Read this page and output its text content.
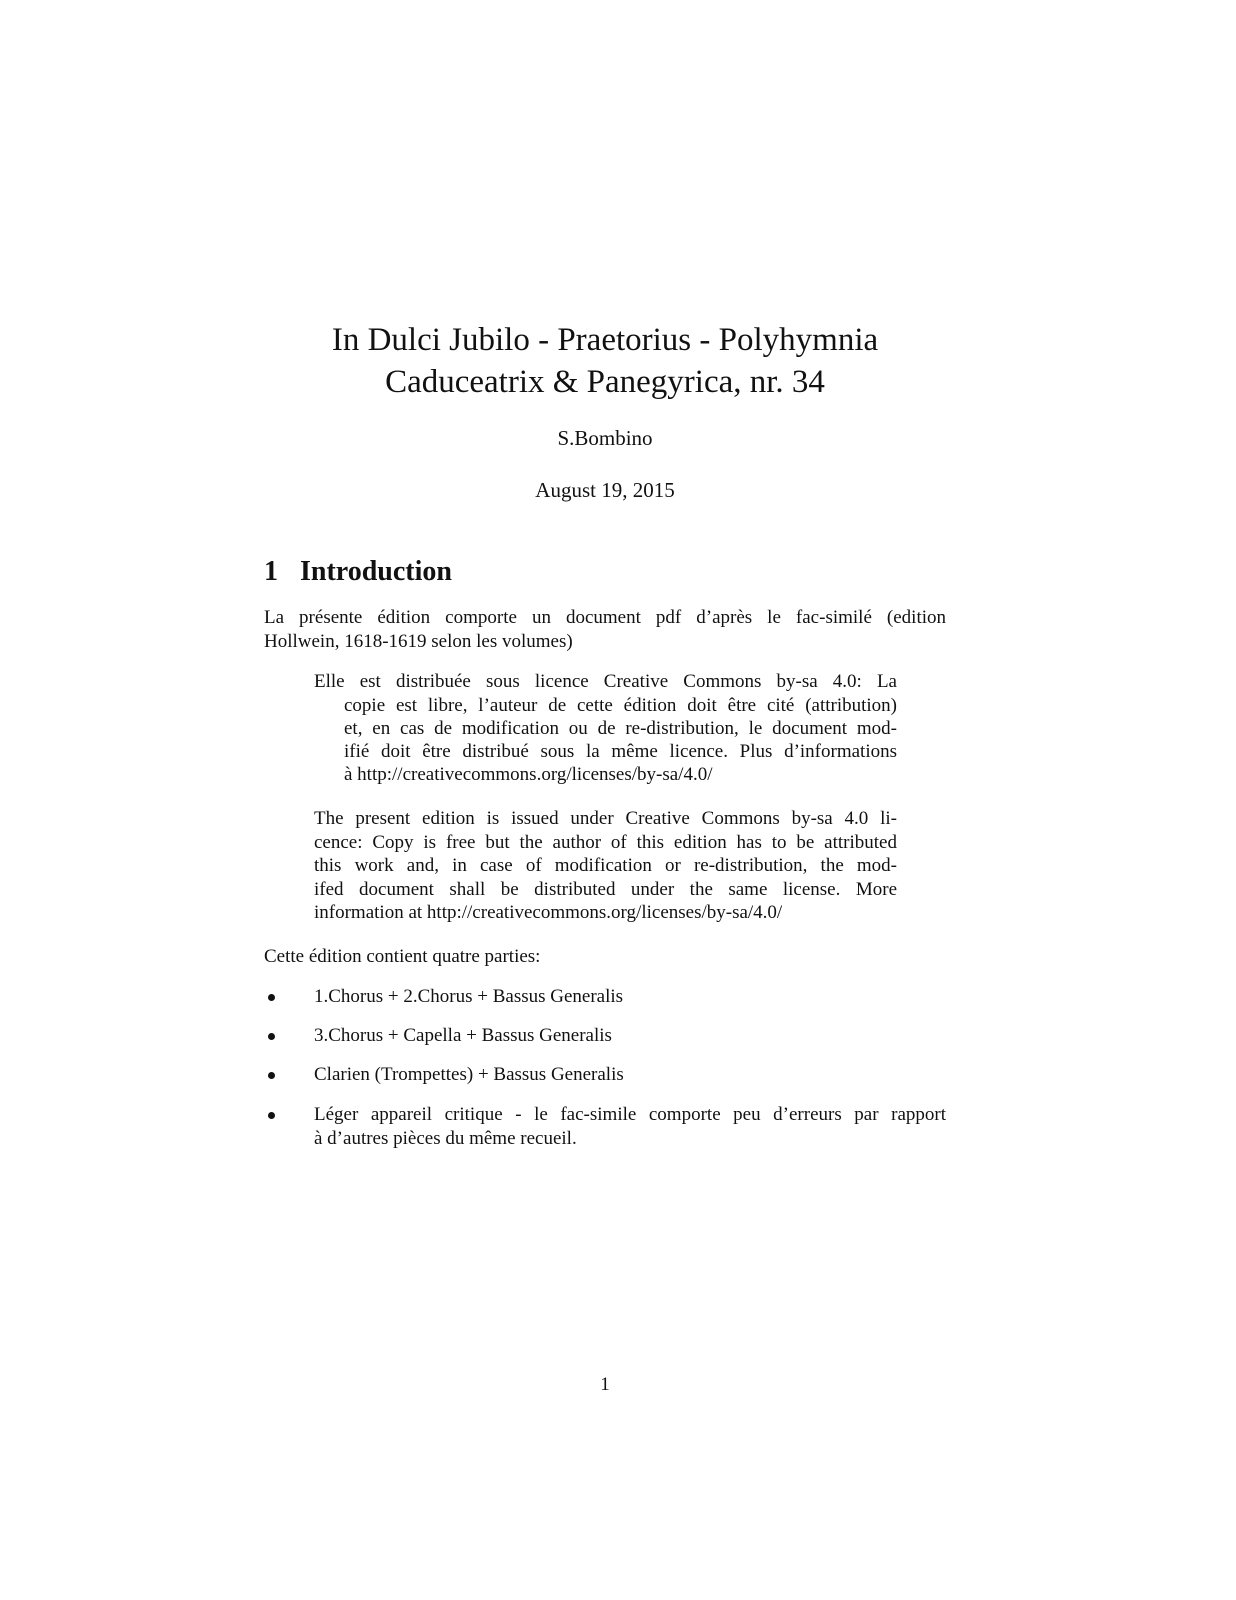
In Dulci Jubilo - Praetorius - Polyhymnia
Caduceatrix & Panegyrica, nr. 34
S.Bombino
August 19, 2015
1 Introduction
La présente édition comporte un document pdf d’après le fac-similé (edition
Hollwein, 1618-1619 selon les volumes)
Elle est distribuée sous licence Creative Commons by-sa 4.0: La
copie est libre, l’auteur de cette édition doit être cité (attribution)
et, en cas de modification ou de re-distribution, le document mod-
ifié doit être distribué sous la même licence. Plus d’informations
à http://creativecommons.org/licenses/by-sa/4.0/
The present edition is issued under Creative Commons by-sa 4.0 li-
cence: Copy is free but the author of this edition has to be attributed
this work and, in case of modification or re-distribution, the mod-
ifed document shall be distributed under the same license. More
information at http://creativecommons.org/licenses/by-sa/4.0/
Cette édition contient quatre parties:
1.Chorus + 2.Chorus + Bassus Generalis
3.Chorus + Capella + Bassus Generalis
Clarien (Trompettes) + Bassus Generalis
Léger appareil critique - le fac-simile comporte peu d’erreurs par rapport
à d’autres pièces du même recueil.
1
